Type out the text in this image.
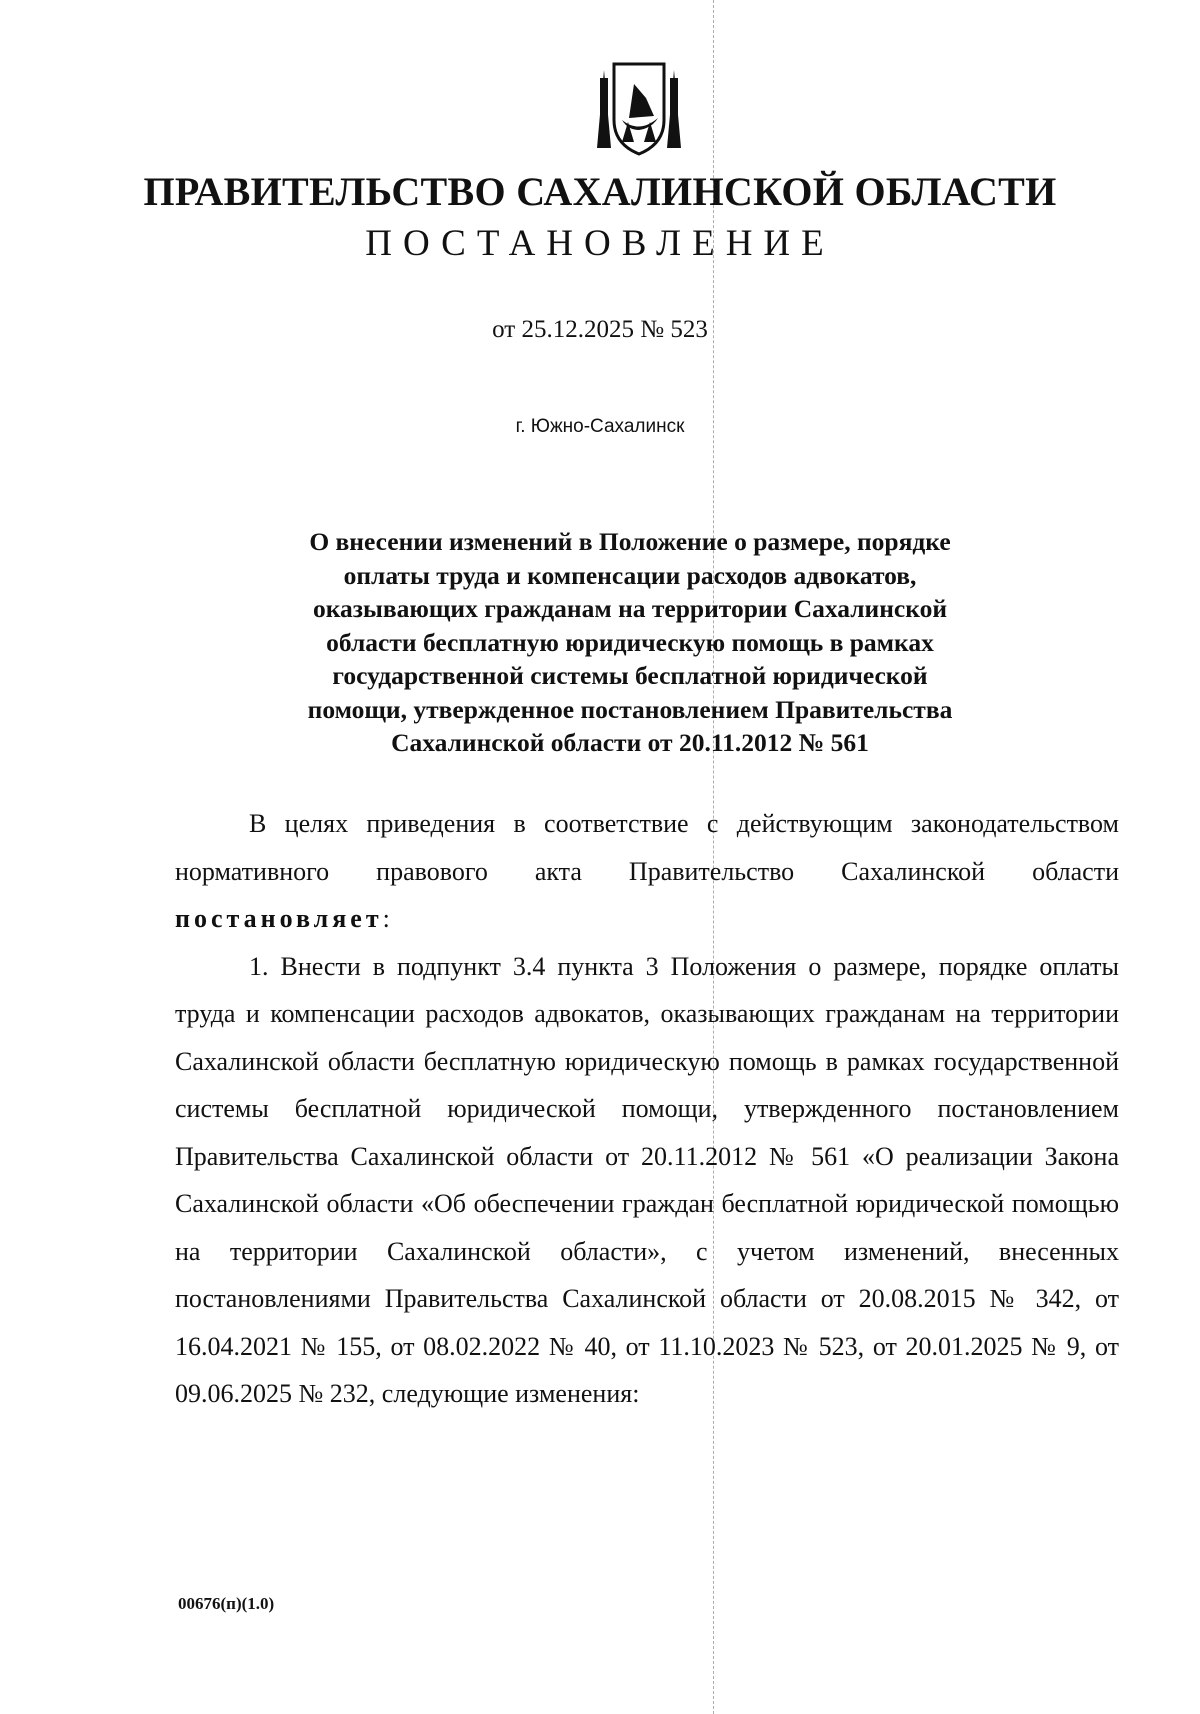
ПРАВИТЕЛЬСТВО САХАЛИНСКОЙ ОБЛАСТИ
ПОСТАНОВЛЕНИЕ
от 25.12.2025 № 523
г. Южно-Сахалинск
О внесении изменений в Положение о размере, порядке оплаты труда и компенсации расходов адвокатов, оказывающих гражданам на территории Сахалинской области бесплатную юридическую помощь в рамках государственной системы бесплатной юридической помощи, утвержденное постановлением Правительства Сахалинской области от 20.11.2012 № 561

В целях приведения в соответствие с действующим законодательством нормативного правового акта Правительство Сахалинской области постановляет:

1. Внести в подпункт 3.4 пункта 3 Положения о размере, порядке оплаты труда и компенсации расходов адвокатов, оказывающих гражданам на территории Сахалинской области бесплатную юридическую помощь в рамках государственной системы бесплатной юридической помощи, утвержденного постановлением Правительства Сахалинской области от 20.11.2012 № 561 «О реализации Закона Сахалинской области «Об обеспечении граждан бесплатной юридической помощью на территории Сахалинской области», с учетом изменений, внесенных постановлениями Правительства Сахалинской области от 20.08.2015 № 342, от 16.04.2021 № 155, от 08.02.2022 № 40, от 11.10.2023 № 523, от 20.01.2025 № 9, от 09.06.2025 № 232, следующие изменения:

00676(п)(1.0)
